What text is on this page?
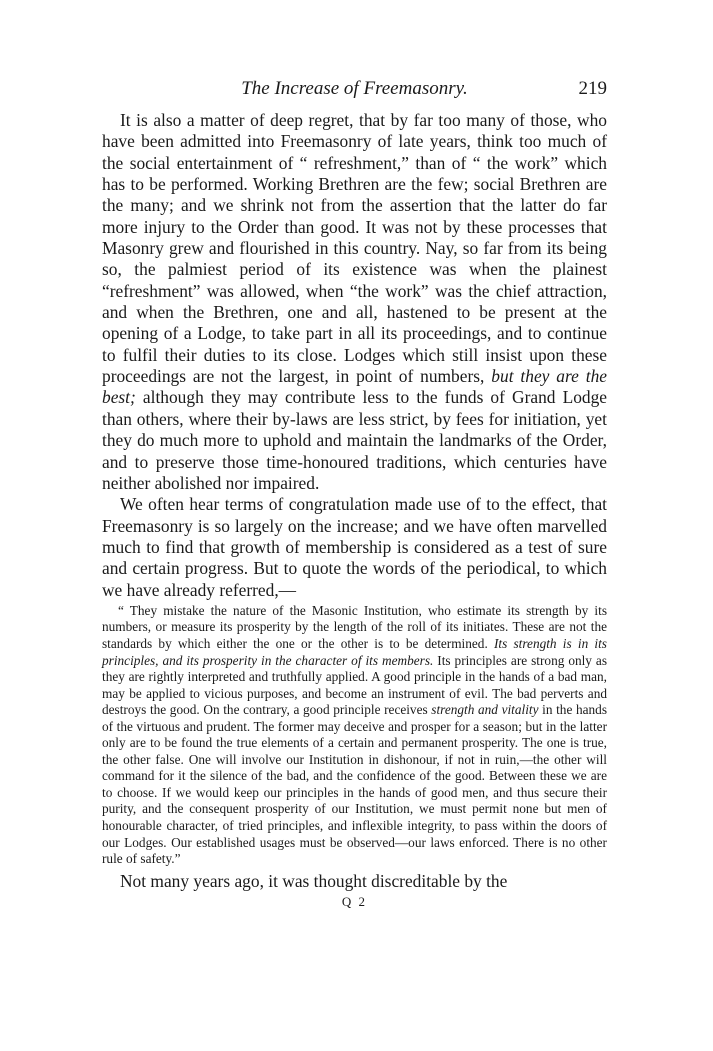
The Increase of Freemasonry.	219

It is also a matter of deep regret, that by far too many of those, who have been admitted into Freemasonry of late years, think too much of the social entertainment of “ refreshment,” than of “ the work” which has to be performed. Working Brethren are the few; social Brethren are the many; and we shrink not from the assertion that the latter do far more injury to the Order than good. It was not by these processes that Masonry grew and flourished in this country. Nay, so far from its being so, the palmiest period of its existence was when the plainest “refreshment” was allowed, when “the work” was the chief attraction, and when the Brethren, one and all, hastened to be present at the opening of a Lodge, to take part in all its proceedings, and to continue to fulfil their duties to its close. Lodges which still insist upon these proceedings are not the largest, in point of numbers, but they are the best; although they may contribute less to the funds of Grand Lodge than others, where their by-laws are less strict, by fees for initiation, yet they do much more to uphold and maintain the landmarks of the Order, and to preserve those time-honoured traditions, which centuries have neither abolished nor impaired.

We often hear terms of congratulation made use of to the effect, that Freemasonry is so largely on the increase; and we have often marvelled much to find that growth of membership is considered as a test of sure and certain progress. But to quote the words of the periodical, to which we have already referred,—

“ They mistake the nature of the Masonic Institution, who estimate its strength by its numbers, or measure its prosperity by the length of the roll of its initiates. These are not the standards by which either the one or the other is to be determined. Its strength is in its principles, and its prosperity in the character of its members. Its principles are strong only as they are rightly interpreted and truthfully applied. A good principle in the hands of a bad man, may be applied to vicious purposes, and become an instrument of evil. The bad perverts and destroys the good. On the contrary, a good principle receives strength and vitality in the hands of the virtuous and prudent. The former may deceive and prosper for a season; but in the latter only are to be found the true elements of a certain and permanent prosperity. The one is true, the other false. One will involve our Institution in dishonour, if not in ruin,—the other will command for it the silence of the bad, and the confidence of the good. Between these we are to choose. If we would keep our principles in the hands of good men, and thus secure their purity, and the consequent prosperity of our Institution, we must permit none but men of honourable character, of tried principles, and inflexible integrity, to pass within the doors of our Lodges. Our established usages must be observed—our laws enforced. There is no other rule of safety.”

Not many years ago, it was thought discreditable by the

Q 2
